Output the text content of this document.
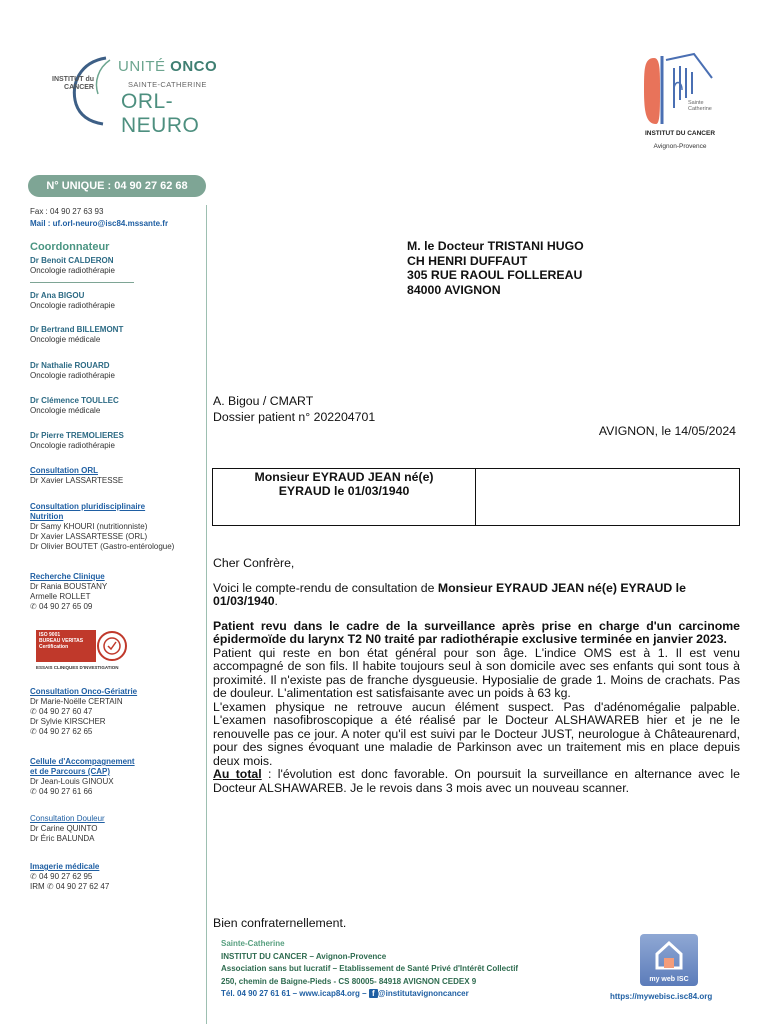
INSTITUT du CANCER
UNITÉ ONCO
SAINTE-CATHERINE
ORL-NEURO
Sainte Catherine
INSTITUT DU CANCER
Avignon-Provence
N° UNIQUE : 04 90 27 62 68
Fax : 04 90 27 63 93
Mail : uf.orl-neuro@isc84.mssante.fr
Coordonnateur
Dr Benoit CALDERON
Oncologie radiothérapie
Dr Ana BIGOU
Oncologie radiothérapie
Dr Bertrand BILLEMONT
Oncologie médicale
Dr Nathalie ROUARD
Oncologie radiothérapie
Dr Clémence TOULLEC
Oncologie médicale
Dr Pierre TREMOLIERES
Oncologie radiothérapie
Consultation ORL
Dr Xavier LASSARTESSE
Consultation pluridisciplinaire
Nutrition
Dr Samy KHOURI (nutritionniste)
Dr Xavier LASSARTESSE (ORL)
Dr Olivier BOUTET (Gastro-entérologue)
Recherche Clinique
Dr Rania BOUSTANY
Armelle ROLLET
✆ 04 90 27 65 09
ISO 9001
BUREAU VERITAS
Certification
ESSAIS CLINIQUES D'INVESTIGATION
Consultation Onco-Gériatrie
Dr Marie-Noëlle CERTAIN
✆ 04 90 27 60 47
Dr Sylvie KIRSCHER
✆ 04 90 27 62 65
Cellule d'Accompagnement
et de Parcours (CAP)
Dr Jean-Louis GINOUX
✆ 04 90 27 61 66
Consultation Douleur
Dr Carine QUINTO
Dr Éric BALUNDA
Imagerie médicale
✆ 04 90 27 62 95
IRM ✆ 04 90 27 62 47
M. le Docteur TRISTANI HUGO
CH HENRI DUFFAUT
305 RUE RAOUL FOLLEREAU
84000 AVIGNON
A. Bigou / CMART
Dossier patient n° 202204701
AVIGNON, le 14/05/2024
Monsieur EYRAUD JEAN né(e)
EYRAUD le 01/03/1940

Cher Confrère,

Voici le compte-rendu de consultation de Monsieur EYRAUD JEAN né(e) EYRAUD le 01/03/1940.

Patient revu dans le cadre de la surveillance après prise en charge d'un carcinome épidermoïde du larynx T2 N0 traité par radiothérapie exclusive terminée en janvier 2023.

Patient qui reste en bon état général pour son âge. L'indice OMS est à 1. Il est venu accompagné de son fils. Il habite toujours seul à son domicile avec ses enfants qui sont tous à proximité. Il n'existe pas de franche dysgueusie. Hyposialie de grade 1. Moins de crachats. Pas de douleur. L'alimentation est satisfaisante avec un poids à 63 kg.

L'examen physique ne retrouve aucun élément suspect. Pas d'adénomégalie palpable. L'examen nasofibroscopique a été réalisé par le Docteur ALSHAWAREB hier et je ne le renouvelle pas ce jour. A noter qu'il est suivi par le Docteur JUST, neurologue à Châteaurenard, pour des signes évoquant une maladie de Parkinson avec un traitement mis en place depuis deux mois.

Au total : l'évolution est donc favorable. On poursuit la surveillance en alternance avec le Docteur ALSHAWAREB. Je le revois dans 3 mois avec un nouveau scanner.

Bien confraternellement.
Sainte-Catherine
INSTITUT DU CANCER – Avignon-Provence
Association sans but lucratif – Etablissement de Santé Privé d'Intérêt Collectif
250, chemin de Baigne-Pieds - CS 80005- 84918 AVIGNON CEDEX 9
Tél. 04 90 27 61 61 – www.icap84.org – f @institutavignoncancer
my web ISC
https://mywebisc.isc84.org
